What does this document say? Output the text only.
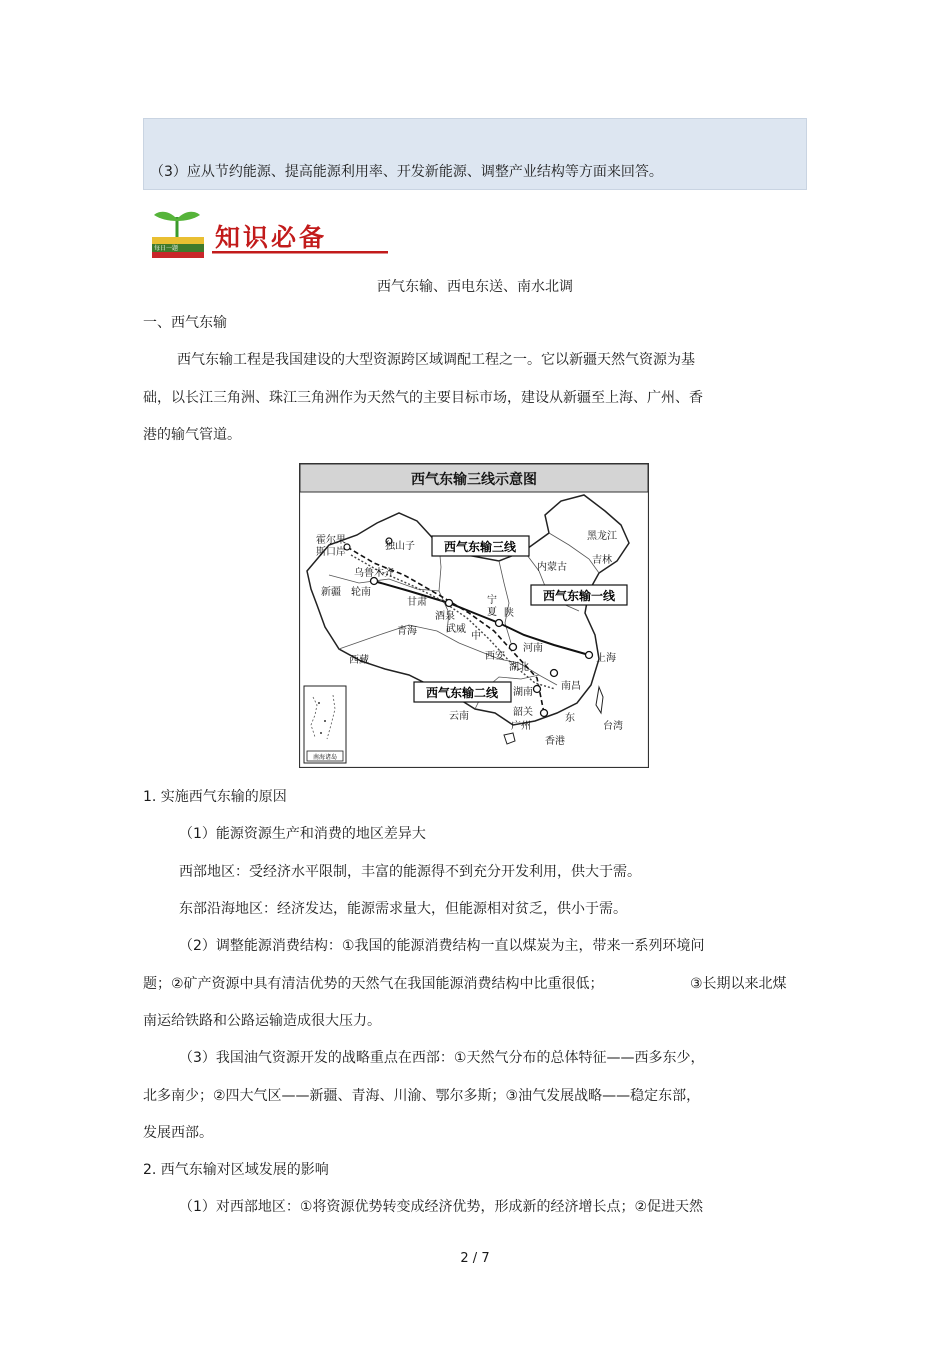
（3）应从节约能源、提高能源利用率、开发新能源、调整产业结构等方面来回答。
知识必备
每日一题
西气东输、西电东送、南水北调
一、西气东输
西气东输工程是我国建设的大型资源跨区域调配工程之一。它以新疆天然气资源为基
础，以长江三角洲、珠江三角洲作为天然气的主要目标市场，建设从新疆至上海、广州、香
港的输气管道。
西气东输三线示意图
西气东输三线
西气东输一线
西气东输二线
霍尔果
斯口岸
独山子
乌鲁木齐
新疆 轮南
甘肃
酒泉
武威
青海
西藏
宁
夏 陕
中
西安
河南
湖北
湖南
南昌
上海
韶关
广州
东
香港
台湾
云南
内蒙古
黑龙江
吉林
南海诸岛
1. 实施西气东输的原因
（1）能源资源生产和消费的地区差异大
西部地区：受经济水平限制，丰富的能源得不到充分开发利用，供大于需。
东部沿海地区：经济发达，能源需求量大，但能源相对贫乏，供小于需。
（2）调整能源消费结构：①我国的能源消费结构一直以煤炭为主，带来一系列环境问
题；②矿产资源中具有清洁优势的天然气在我国能源消费结构中比重很低；	③长期以来北煤
南运给铁路和公路运输造成很大压力。
（3）我国油气资源开发的战略重点在西部：①天然气分布的总体特征——西多东少，
北多南少；②四大气区——新疆、青海、川渝、鄂尔多斯；③油气发展战略——稳定东部，
发展西部。
2. 西气东输对区域发展的影响
（1）对西部地区：①将资源优势转变成经济优势，形成新的经济增长点；②促进天然
2 / 7
